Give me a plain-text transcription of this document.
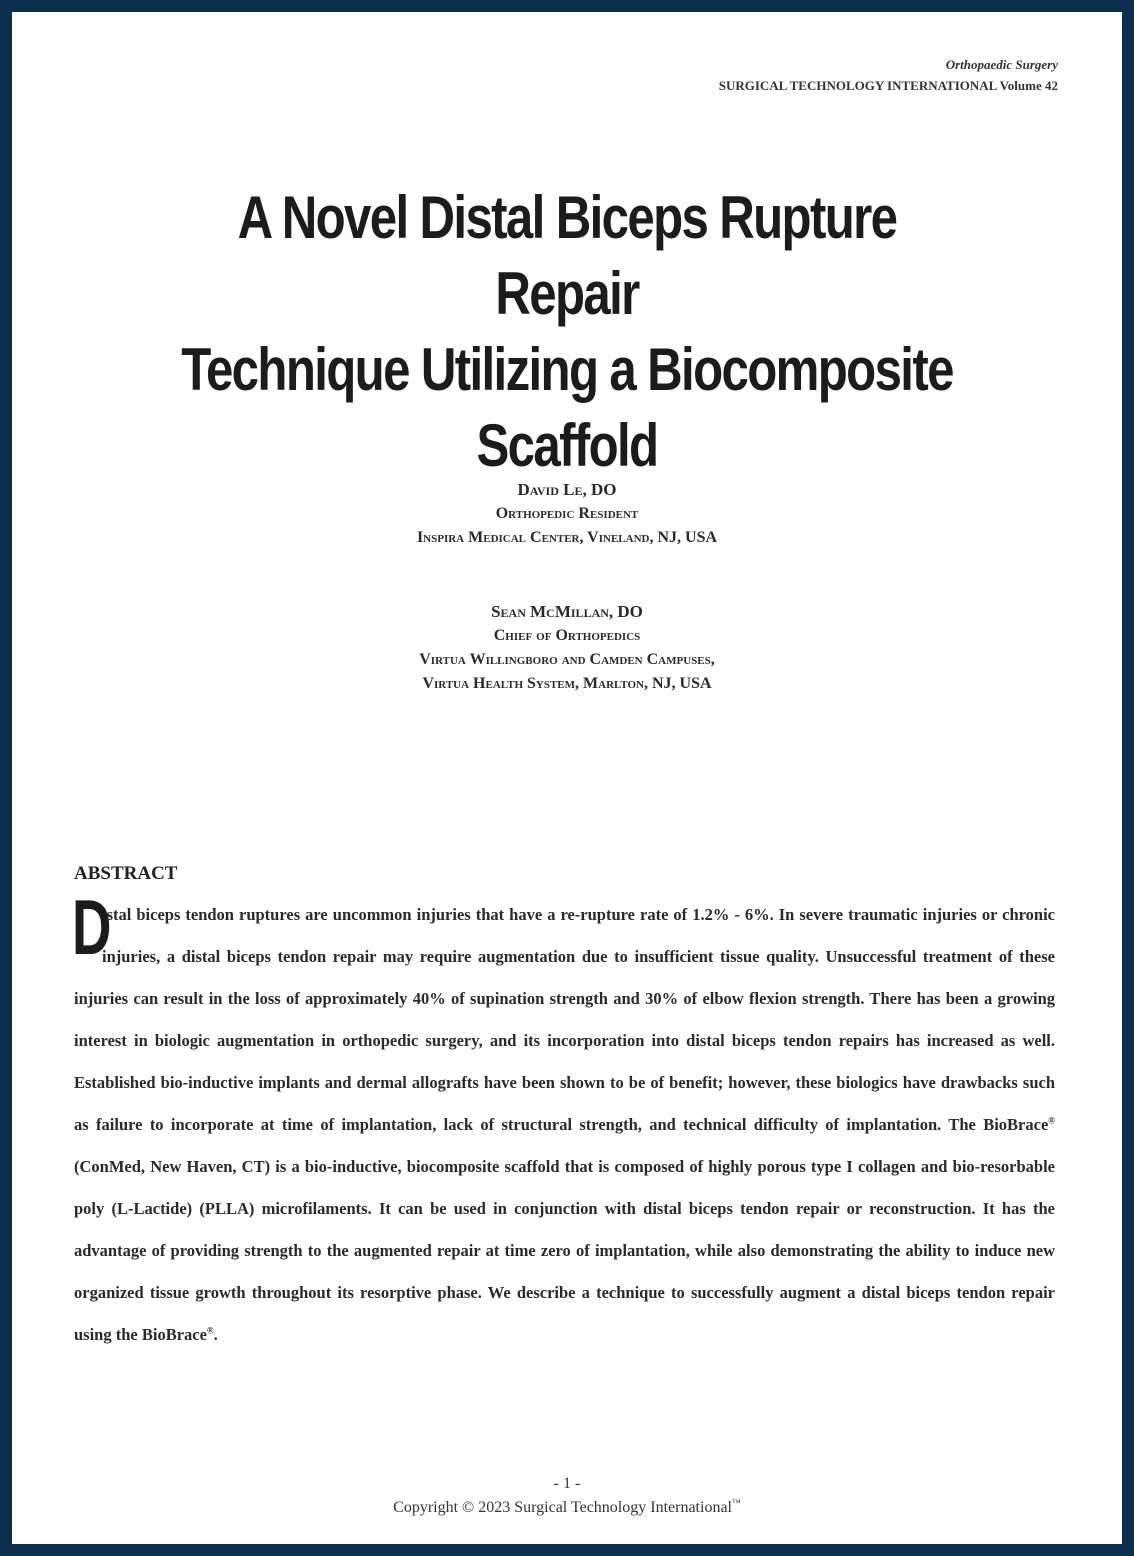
Orthopaedic Surgery
SURGICAL TECHNOLOGY INTERNATIONAL Volume 42
A Novel Distal Biceps Rupture Repair
Technique Utilizing a Biocomposite
Scaffold
David Le, DO
Orthopedic Resident
Inspira Medical Center, Vineland, NJ, USA
Sean McMillan, DO
Chief of Orthopedics
Virtua Willingboro and Camden Campuses,
Virtua Health System, Marlton, NJ, USA
ABSTRACT
D
istal biceps tendon ruptures are uncommon injuries that have a re-rupture rate of 1.2% - 6%. In severe traumatic injuries or chronic injuries, a distal biceps tendon repair may require augmentation due to insufficient tissue quality. Unsuccessful treatment of these injuries can result in the loss of approximately 40% of supination strength and 30% of elbow flexion strength. There has been a growing interest in biologic augmentation in orthopedic surgery, and its incorporation into distal biceps tendon repairs has increased as well. Established bio-inductive implants and dermal allografts have been shown to be of benefit; however, these biologics have drawbacks such as failure to incorporate at time of implantation, lack of structural strength, and technical difficulty of implantation. The BioBrace® (ConMed, New Haven, CT) is a bio-inductive, biocomposite scaffold that is composed of highly porous type I collagen and bio-resorbable poly (L-Lactide) (PLLA) microfilaments. It can be used in conjunction with distal biceps tendon repair or reconstruction. It has the advantage of providing strength to the augmented repair at time zero of implantation, while also demonstrating the ability to induce new organized tissue growth throughout its resorptive phase. We describe a technique to successfully augment a distal biceps tendon repair using the BioBrace®.
- 1 -
Copyright © 2023 Surgical Technology International™
